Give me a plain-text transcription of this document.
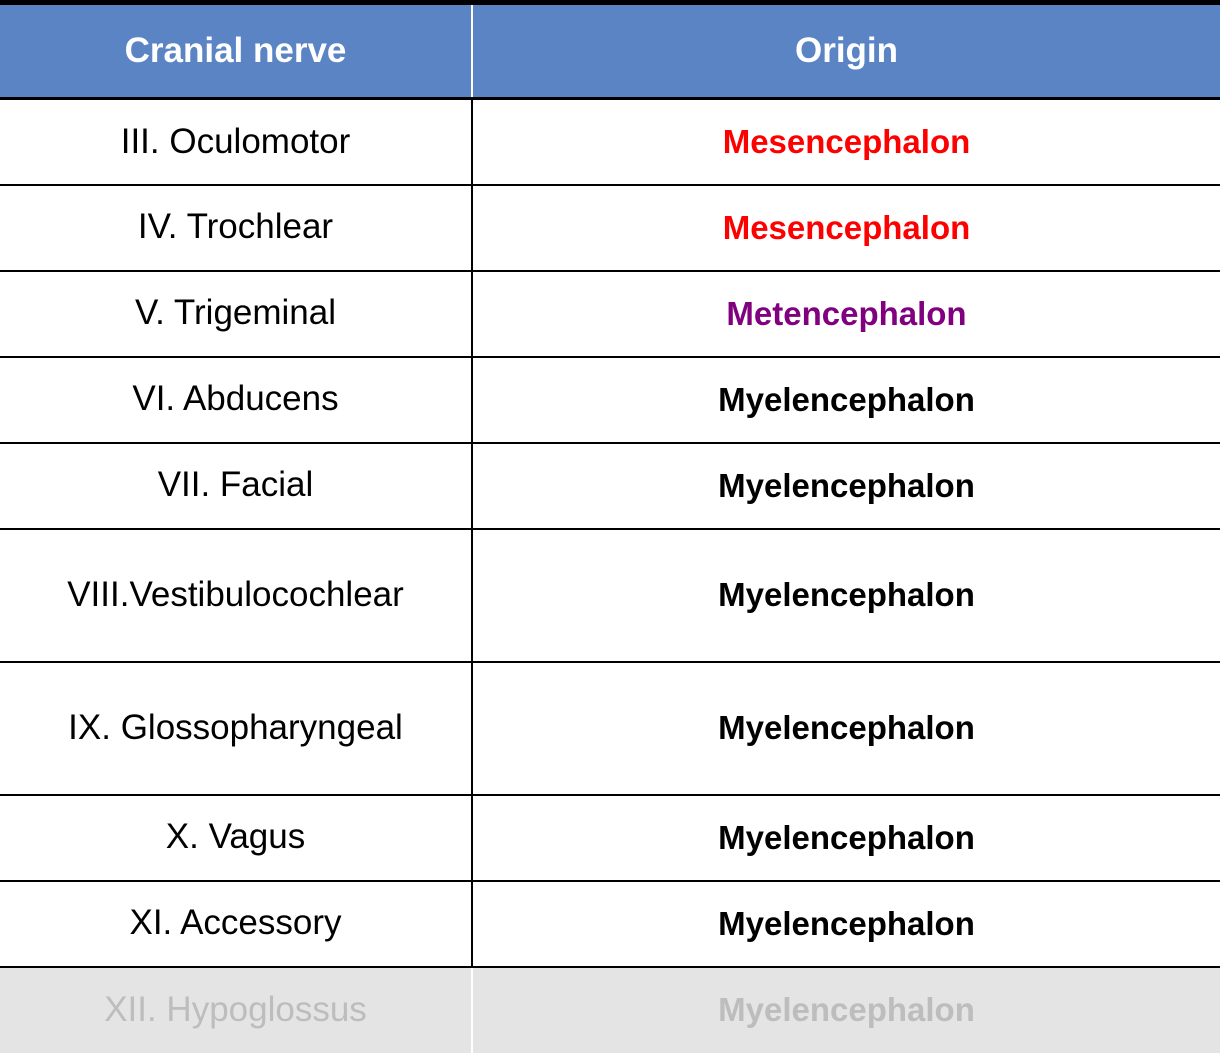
Cranial nerve	Origin
III. Oculomotor	Mesencephalon
IV. Trochlear	Mesencephalon
V. Trigeminal	Metencephalon
VI. Abducens	Myelencephalon
VII. Facial	Myelencephalon
VIII.Vestibulocochlear	Myelencephalon
IX. Glossopharyngeal	Myelencephalon
X. Vagus	Myelencephalon
XI. Accessory	Myelencephalon
XII. Hypoglossus	Myelencephalon
